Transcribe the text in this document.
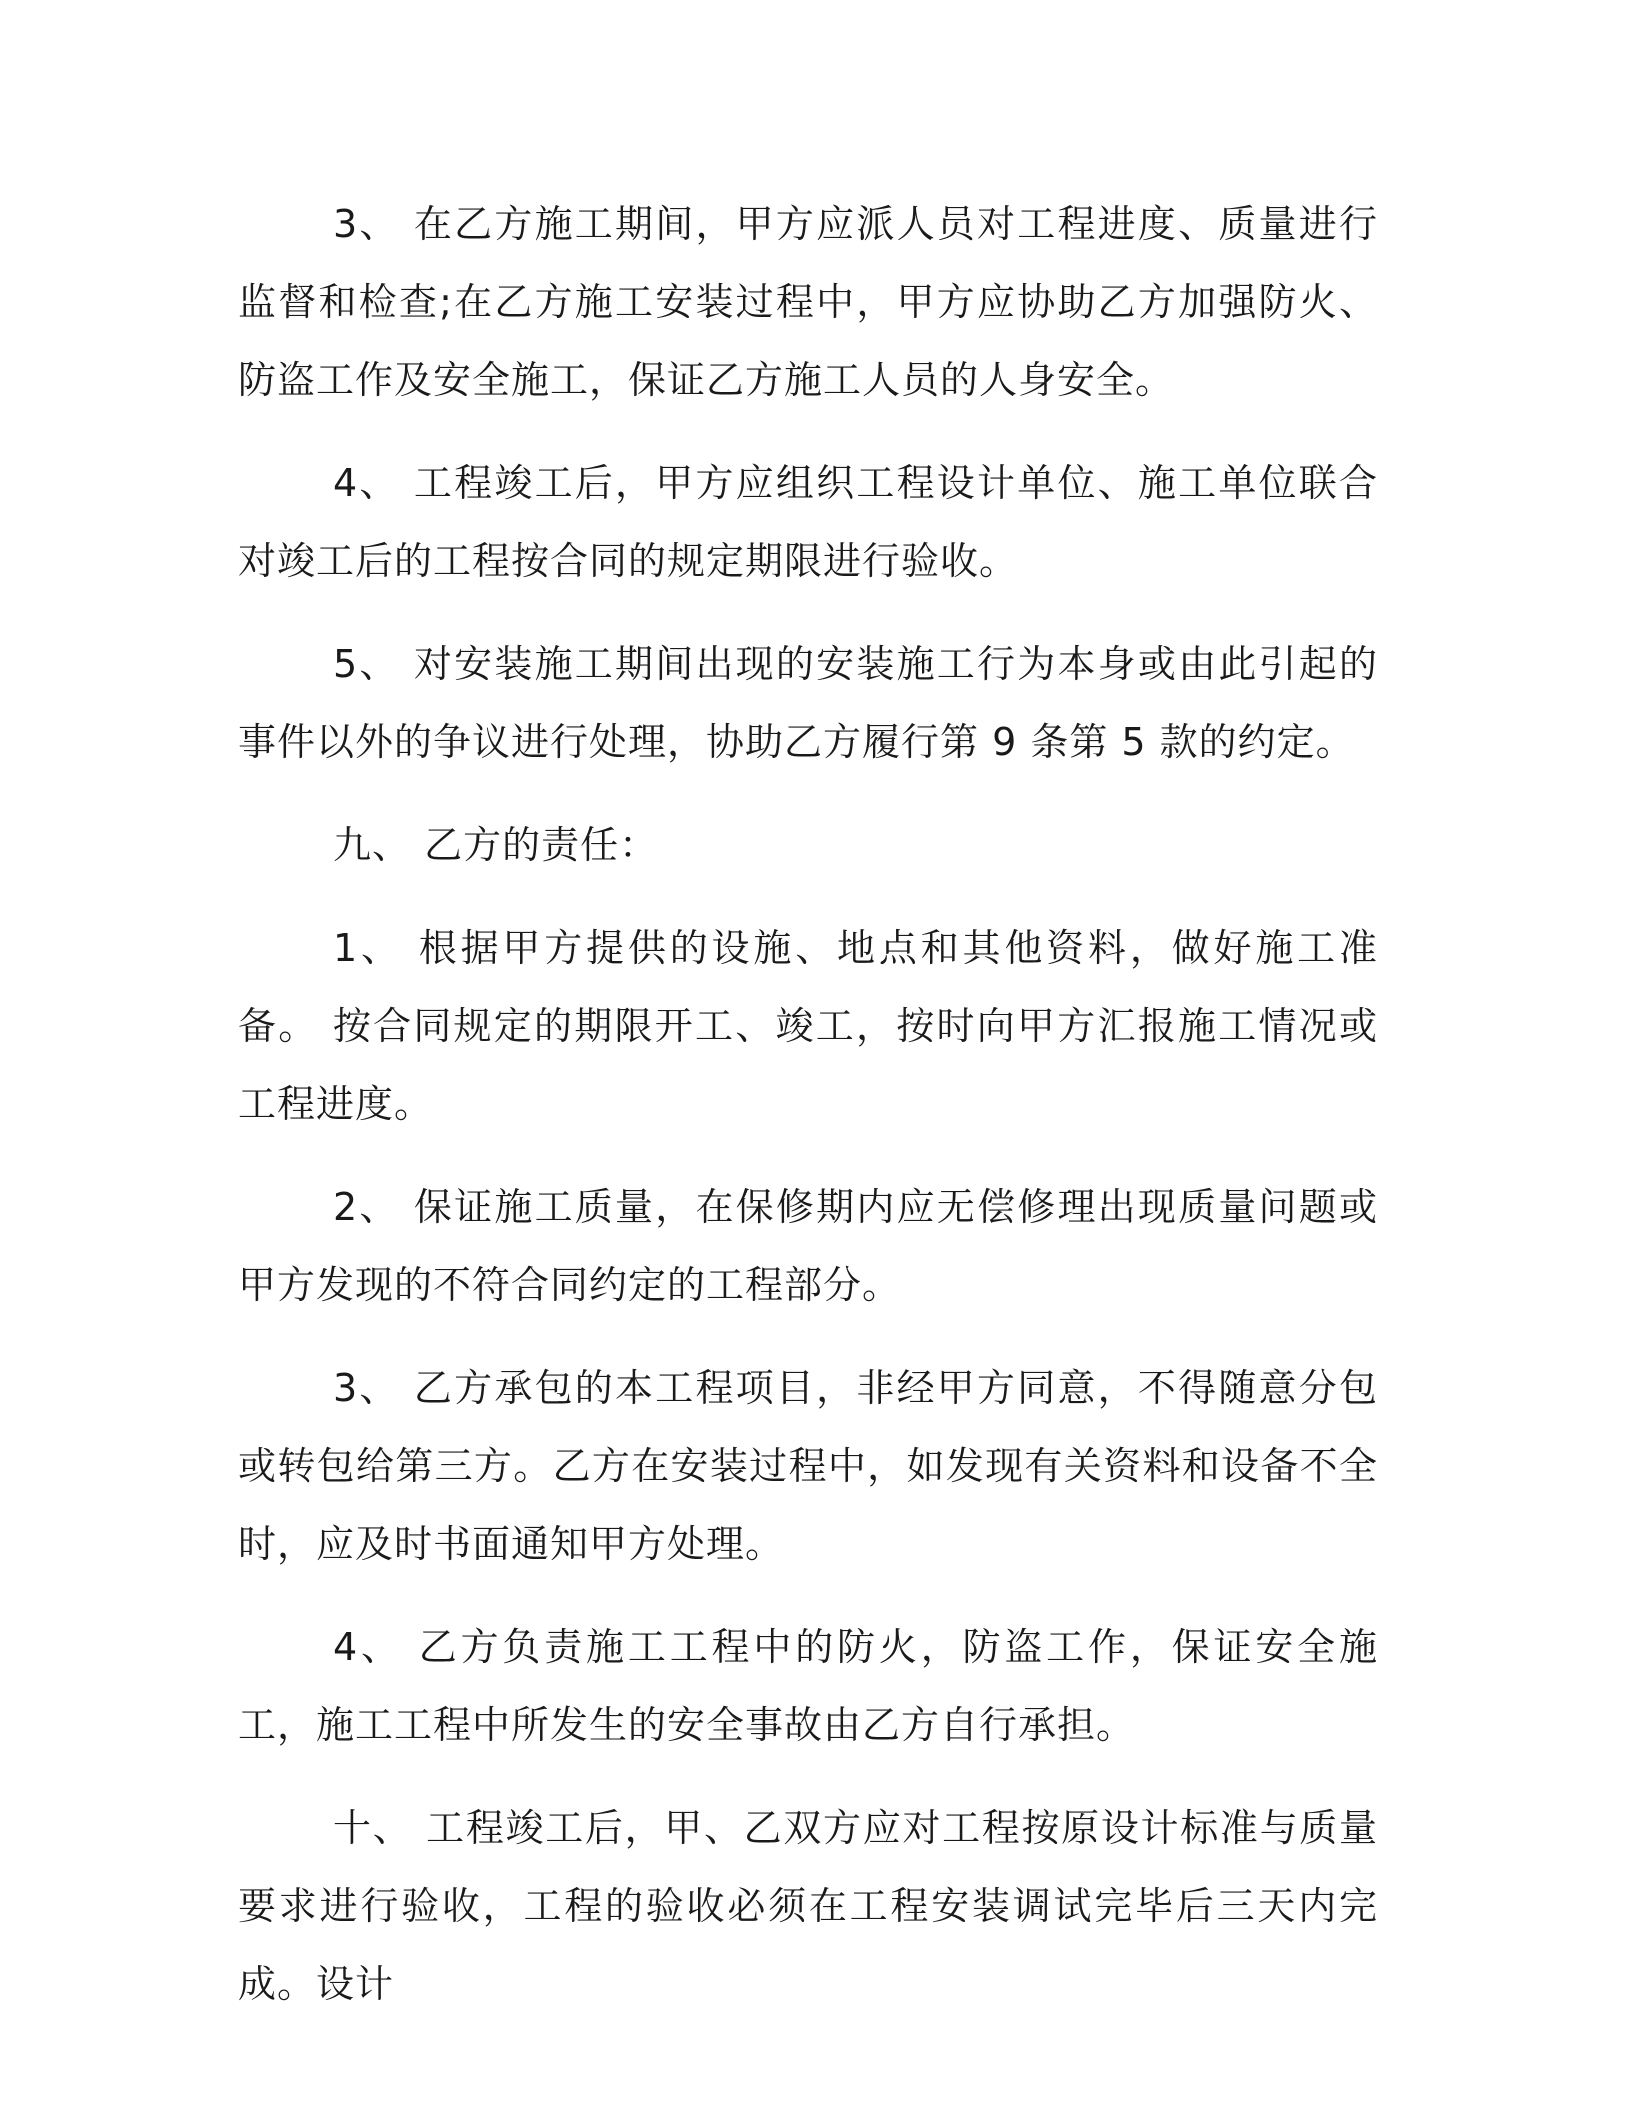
3、 在乙方施工期间，甲方应派人员对工程进度、质量进行监督和检查;在乙方施工安装过程中，甲方应协助乙方加强防火、防盗工作及安全施工，保证乙方施工人员的人身安全。

4、 工程竣工后，甲方应组织工程设计单位、施工单位联合对竣工后的工程按合同的规定期限进行验收。

5、 对安装施工期间出现的安装施工行为本身或由此引起的事件以外的争议进行处理，协助乙方履行第 9 条第 5 款的约定。

九、 乙方的责任：

1、 根据甲方提供的设施、地点和其他资料，做好施工准备。 按合同规定的期限开工、竣工，按时向甲方汇报施工情况或工程进度。

2、 保证施工质量，在保修期内应无偿修理出现质量问题或甲方发现的不符合同约定的工程部分。

3、 乙方承包的本工程项目，非经甲方同意，不得随意分包或转包给第三方。乙方在安装过程中，如发现有关资料和设备不全时，应及时书面通知甲方处理。

4、 乙方负责施工工程中的防火，防盗工作，保证安全施工，施工工程中所发生的安全事故由乙方自行承担。

十、 工程竣工后，甲、乙双方应对工程按原设计标准与质量要求进行验收，工程的验收必须在工程安装调试完毕后三天内完成。设计
